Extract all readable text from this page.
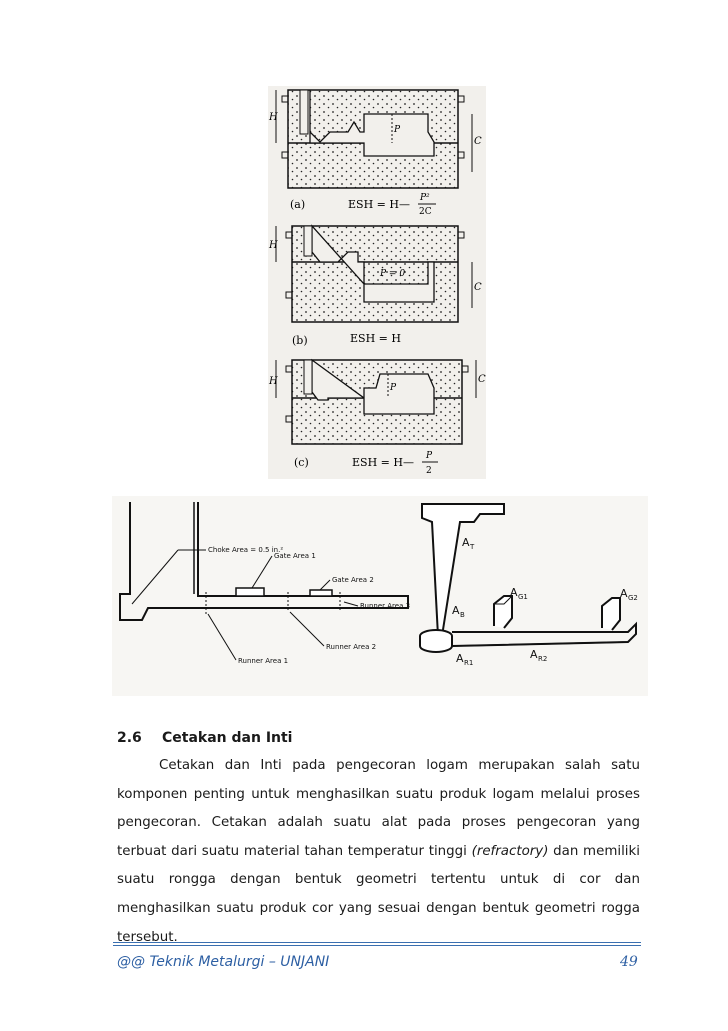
H
P
C
(a)	ESH = H— P²
2C
H
P = 0
C
(b)	ESH = H
H
P
C
(c)	ESH = H— P
2
Choke Area = 0.5 in.²
Gate Area 1
Gate Area 2
Runner Area 3
Runner Area 2
Runner Area 1
A T
A B
A G1	A G2
A R1
A R2
2.6 Cetakan dan Inti

Cetakan dan Inti pada pengecoran logam merupakan salah satu komponen penting untuk menghasilkan suatu produk logam melalui proses pengecoran. Cetakan adalah suatu alat pada proses pengecoran yang terbuat dari suatu material tahan temperatur tinggi (refractory) dan memiliki suatu rongga dengan bentuk geometri tertentu untuk di cor dan menghasilkan suatu produk cor yang sesuai dengan bentuk geometri rogga tersebut.

@@ Teknik Metalurgi – UNJANI	49
